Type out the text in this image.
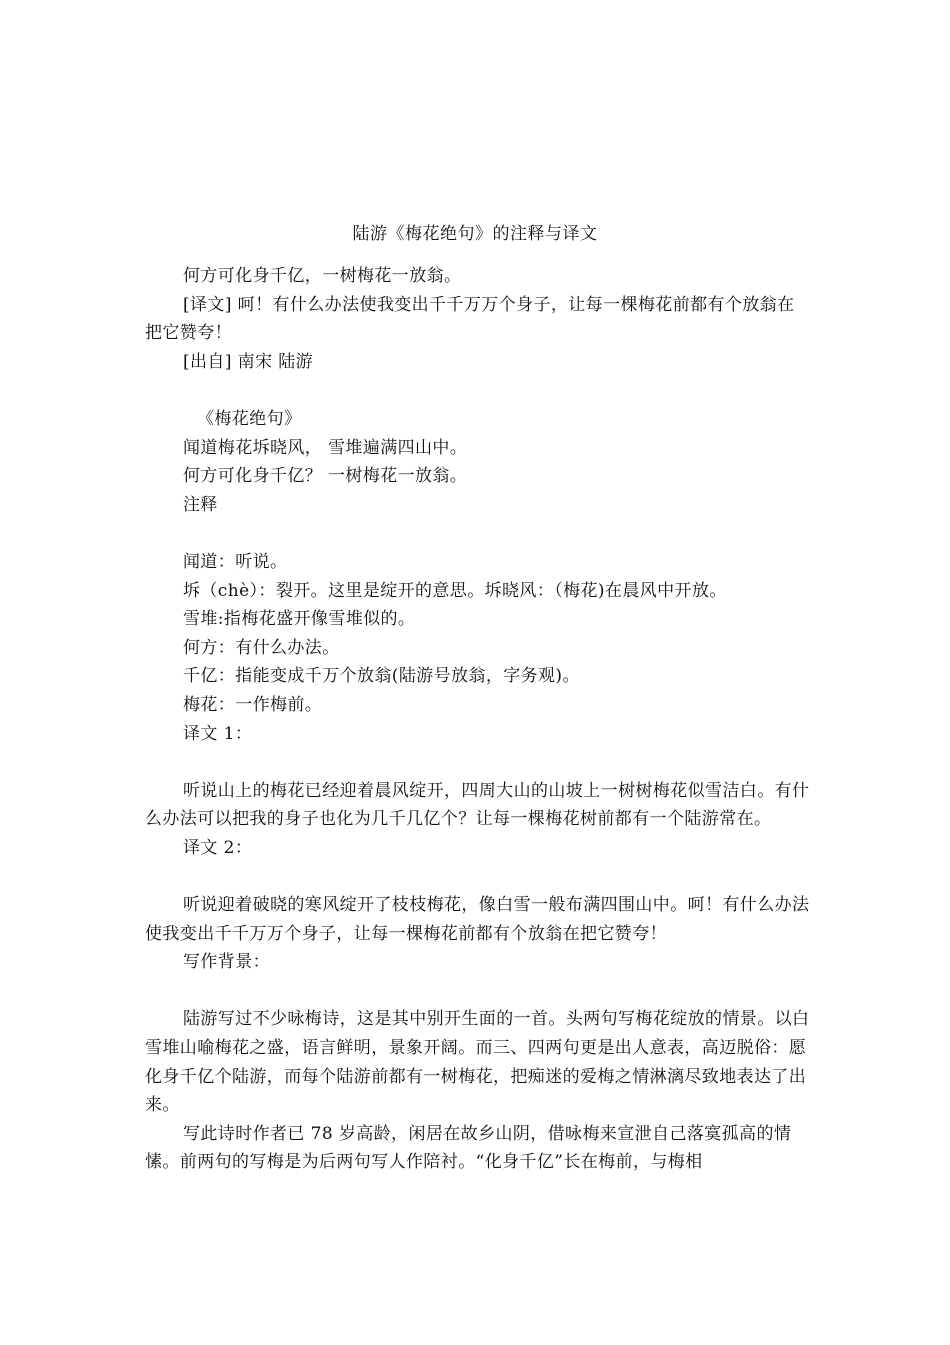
陆游《梅花绝句》的注释与译文

何方可化身千亿，一树梅花一放翁。

[译文] 呵！有什么办法使我变出千千万万个身子，让每一棵梅花前都有个放翁在把它赞夸！

[出自] 南宋 陆游

《梅花绝句》

闻道梅花坼晓风， 雪堆遍满四山中。

何方可化身千亿？ 一树梅花一放翁。

注释

闻道：听说。

坼（chè）：裂开。这里是绽开的意思。坼晓风：（梅花)在晨风中开放。

雪堆:指梅花盛开像雪堆似的。

何方：有什么办法。

千亿：指能变成千万个放翁(陆游号放翁，字务观)。

梅花：一作梅前。

译文 1：

听说山上的梅花已经迎着晨风绽开，四周大山的山坡上一树树梅花似雪洁白。有什么办法可以把我的身子也化为几千几亿个？让每一棵梅花树前都有一个陆游常在。

译文 2：

听说迎着破晓的寒风绽开了枝枝梅花，像白雪一般布满四围山中。呵！有什么办法使我变出千千万万个身子，让每一棵梅花前都有个放翁在把它赞夸！

写作背景：

陆游写过不少咏梅诗，这是其中别开生面的一首。头两句写梅花绽放的情景。以白雪堆山喻梅花之盛，语言鲜明，景象开阔。而三、四两句更是出人意表，高迈脱俗：愿化身千亿个陆游，而每个陆游前都有一树梅花，把痴迷的爱梅之情淋漓尽致地表达了出来。

写此诗时作者已 78 岁高龄，闲居在故乡山阴，借咏梅来宣泄自己落寞孤高的情愫。前两句的写梅是为后两句写人作陪衬。“化身千亿”长在梅前，与梅相
